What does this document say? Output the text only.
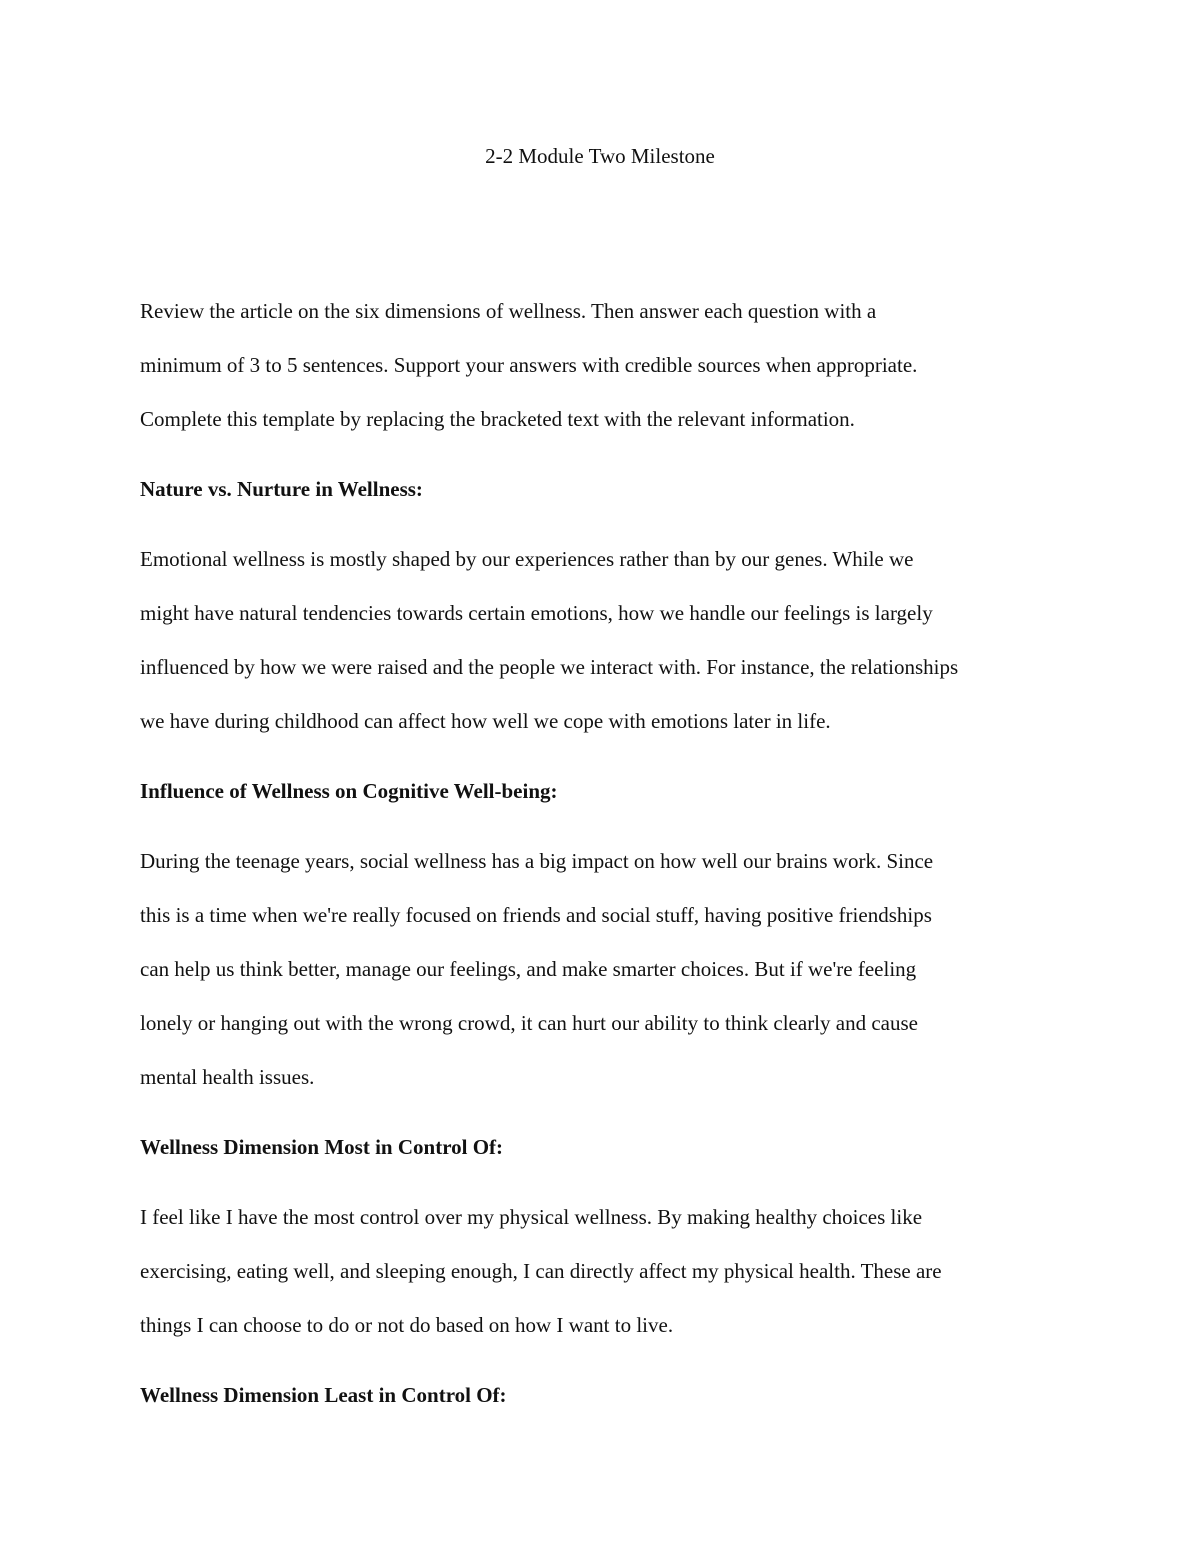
2-2 Module Two Milestone

Review the article on the six dimensions of wellness. Then answer each question with a
minimum of 3 to 5 sentences. Support your answers with credible sources when appropriate.
Complete this template by replacing the bracketed text with the relevant information.

Nature vs. Nurture in Wellness:

Emotional wellness is mostly shaped by our experiences rather than by our genes. While we
might have natural tendencies towards certain emotions, how we handle our feelings is largely
influenced by how we were raised and the people we interact with. For instance, the relationships
we have during childhood can affect how well we cope with emotions later in life.

Influence of Wellness on Cognitive Well-being:

During the teenage years, social wellness has a big impact on how well our brains work. Since
this is a time when we're really focused on friends and social stuff, having positive friendships
can help us think better, manage our feelings, and make smarter choices. But if we're feeling
lonely or hanging out with the wrong crowd, it can hurt our ability to think clearly and cause
mental health issues.

Wellness Dimension Most in Control Of:

I feel like I have the most control over my physical wellness. By making healthy choices like
exercising, eating well, and sleeping enough, I can directly affect my physical health. These are
things I can choose to do or not do based on how I want to live.

Wellness Dimension Least in Control Of:
